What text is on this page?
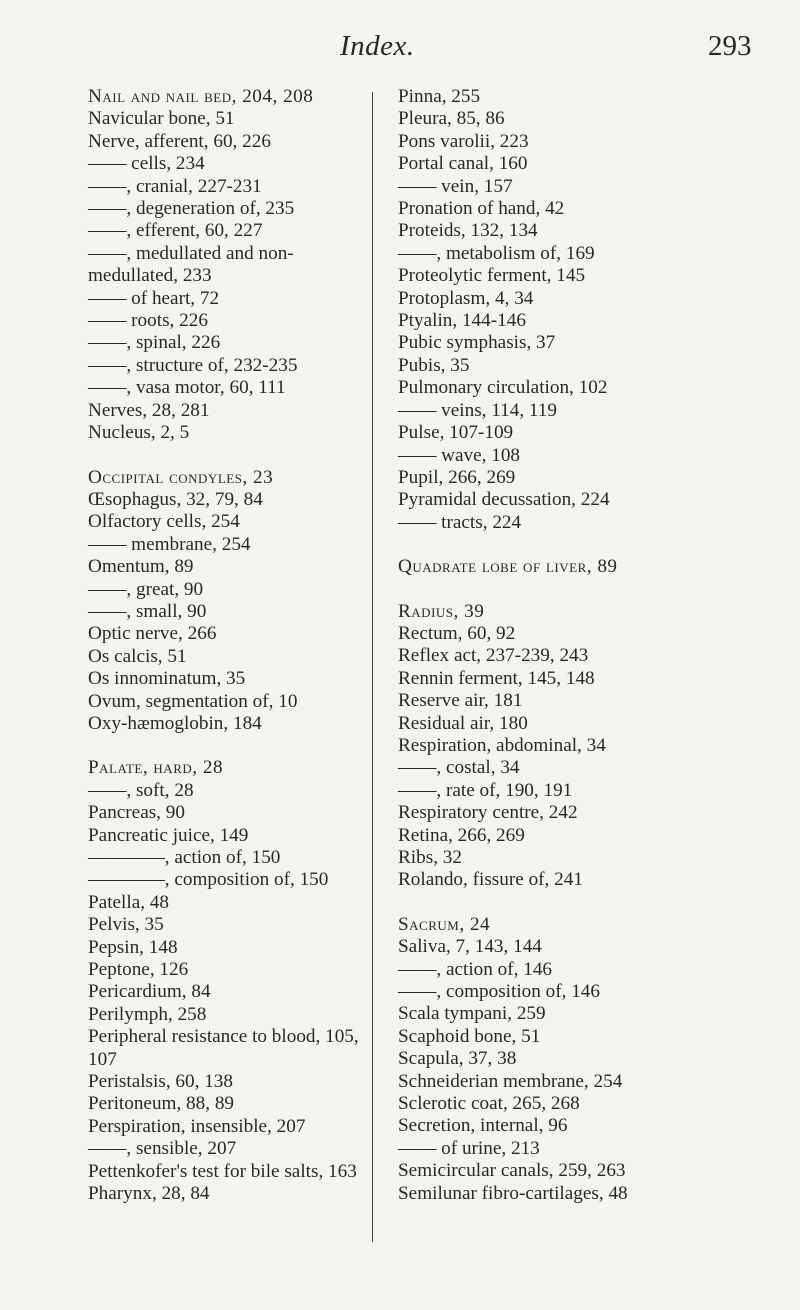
Index.	293
Nail and nail bed, 204, 208
Navicular bone, 51
Nerve, afferent, 60, 226
—— cells, 234
——, cranial, 227-231
——, degeneration of, 235
——, efferent, 60, 227
——, medullated and non-medullated, 233
—— of heart, 72
—— roots, 226
——, spinal, 226
——, structure of, 232-235
——, vasa motor, 60, 111
Nerves, 28, 281
Nucleus, 2, 5
Occipital condyles, 23
Œsophagus, 32, 79, 84
Olfactory cells, 254
—— membrane, 254
Omentum, 89
——, great, 90
——, small, 90
Optic nerve, 266
Os calcis, 51
Os innominatum, 35
Ovum, segmentation of, 10
Oxy-hæmoglobin, 184
Palate, hard, 28
——, soft, 28
Pancreas, 90
Pancreatic juice, 149
————, action of, 150
————, composition of, 150
Patella, 48
Pelvis, 35
Pepsin, 148
Peptone, 126
Pericardium, 84
Perilymph, 258
Peripheral resistance to blood, 105, 107
Peristalsis, 60, 138
Peritoneum, 88, 89
Perspiration, insensible, 207
——, sensible, 207
Pettenkofer's test for bile salts, 163
Pharynx, 28, 84
Pinna, 255
Pleura, 85, 86
Pons varolii, 223
Portal canal, 160
—— vein, 157
Pronation of hand, 42
Proteids, 132, 134
——, metabolism of, 169
Proteolytic ferment, 145
Protoplasm, 4, 34
Ptyalin, 144-146
Pubic symphasis, 37
Pubis, 35
Pulmonary circulation, 102
—— veins, 114, 119
Pulse, 107-109
—— wave, 108
Pupil, 266, 269
Pyramidal decussation, 224
—— tracts, 224
Quadrate lobe of liver, 89
Radius, 39
Rectum, 60, 92
Reflex act, 237-239, 243
Rennin ferment, 145, 148
Reserve air, 181
Residual air, 180
Respiration, abdominal, 34
——, costal, 34
——, rate of, 190, 191
Respiratory centre, 242
Retina, 266, 269
Ribs, 32
Rolando, fissure of, 241
Sacrum, 24
Saliva, 7, 143, 144
——, action of, 146
——, composition of, 146
Scala tympani, 259
Scaphoid bone, 51
Scapula, 37, 38
Schneiderian membrane, 254
Sclerotic coat, 265, 268
Secretion, internal, 96
—— of urine, 213
Semicircular canals, 259, 263
Semilunar fibro-cartilages, 48
